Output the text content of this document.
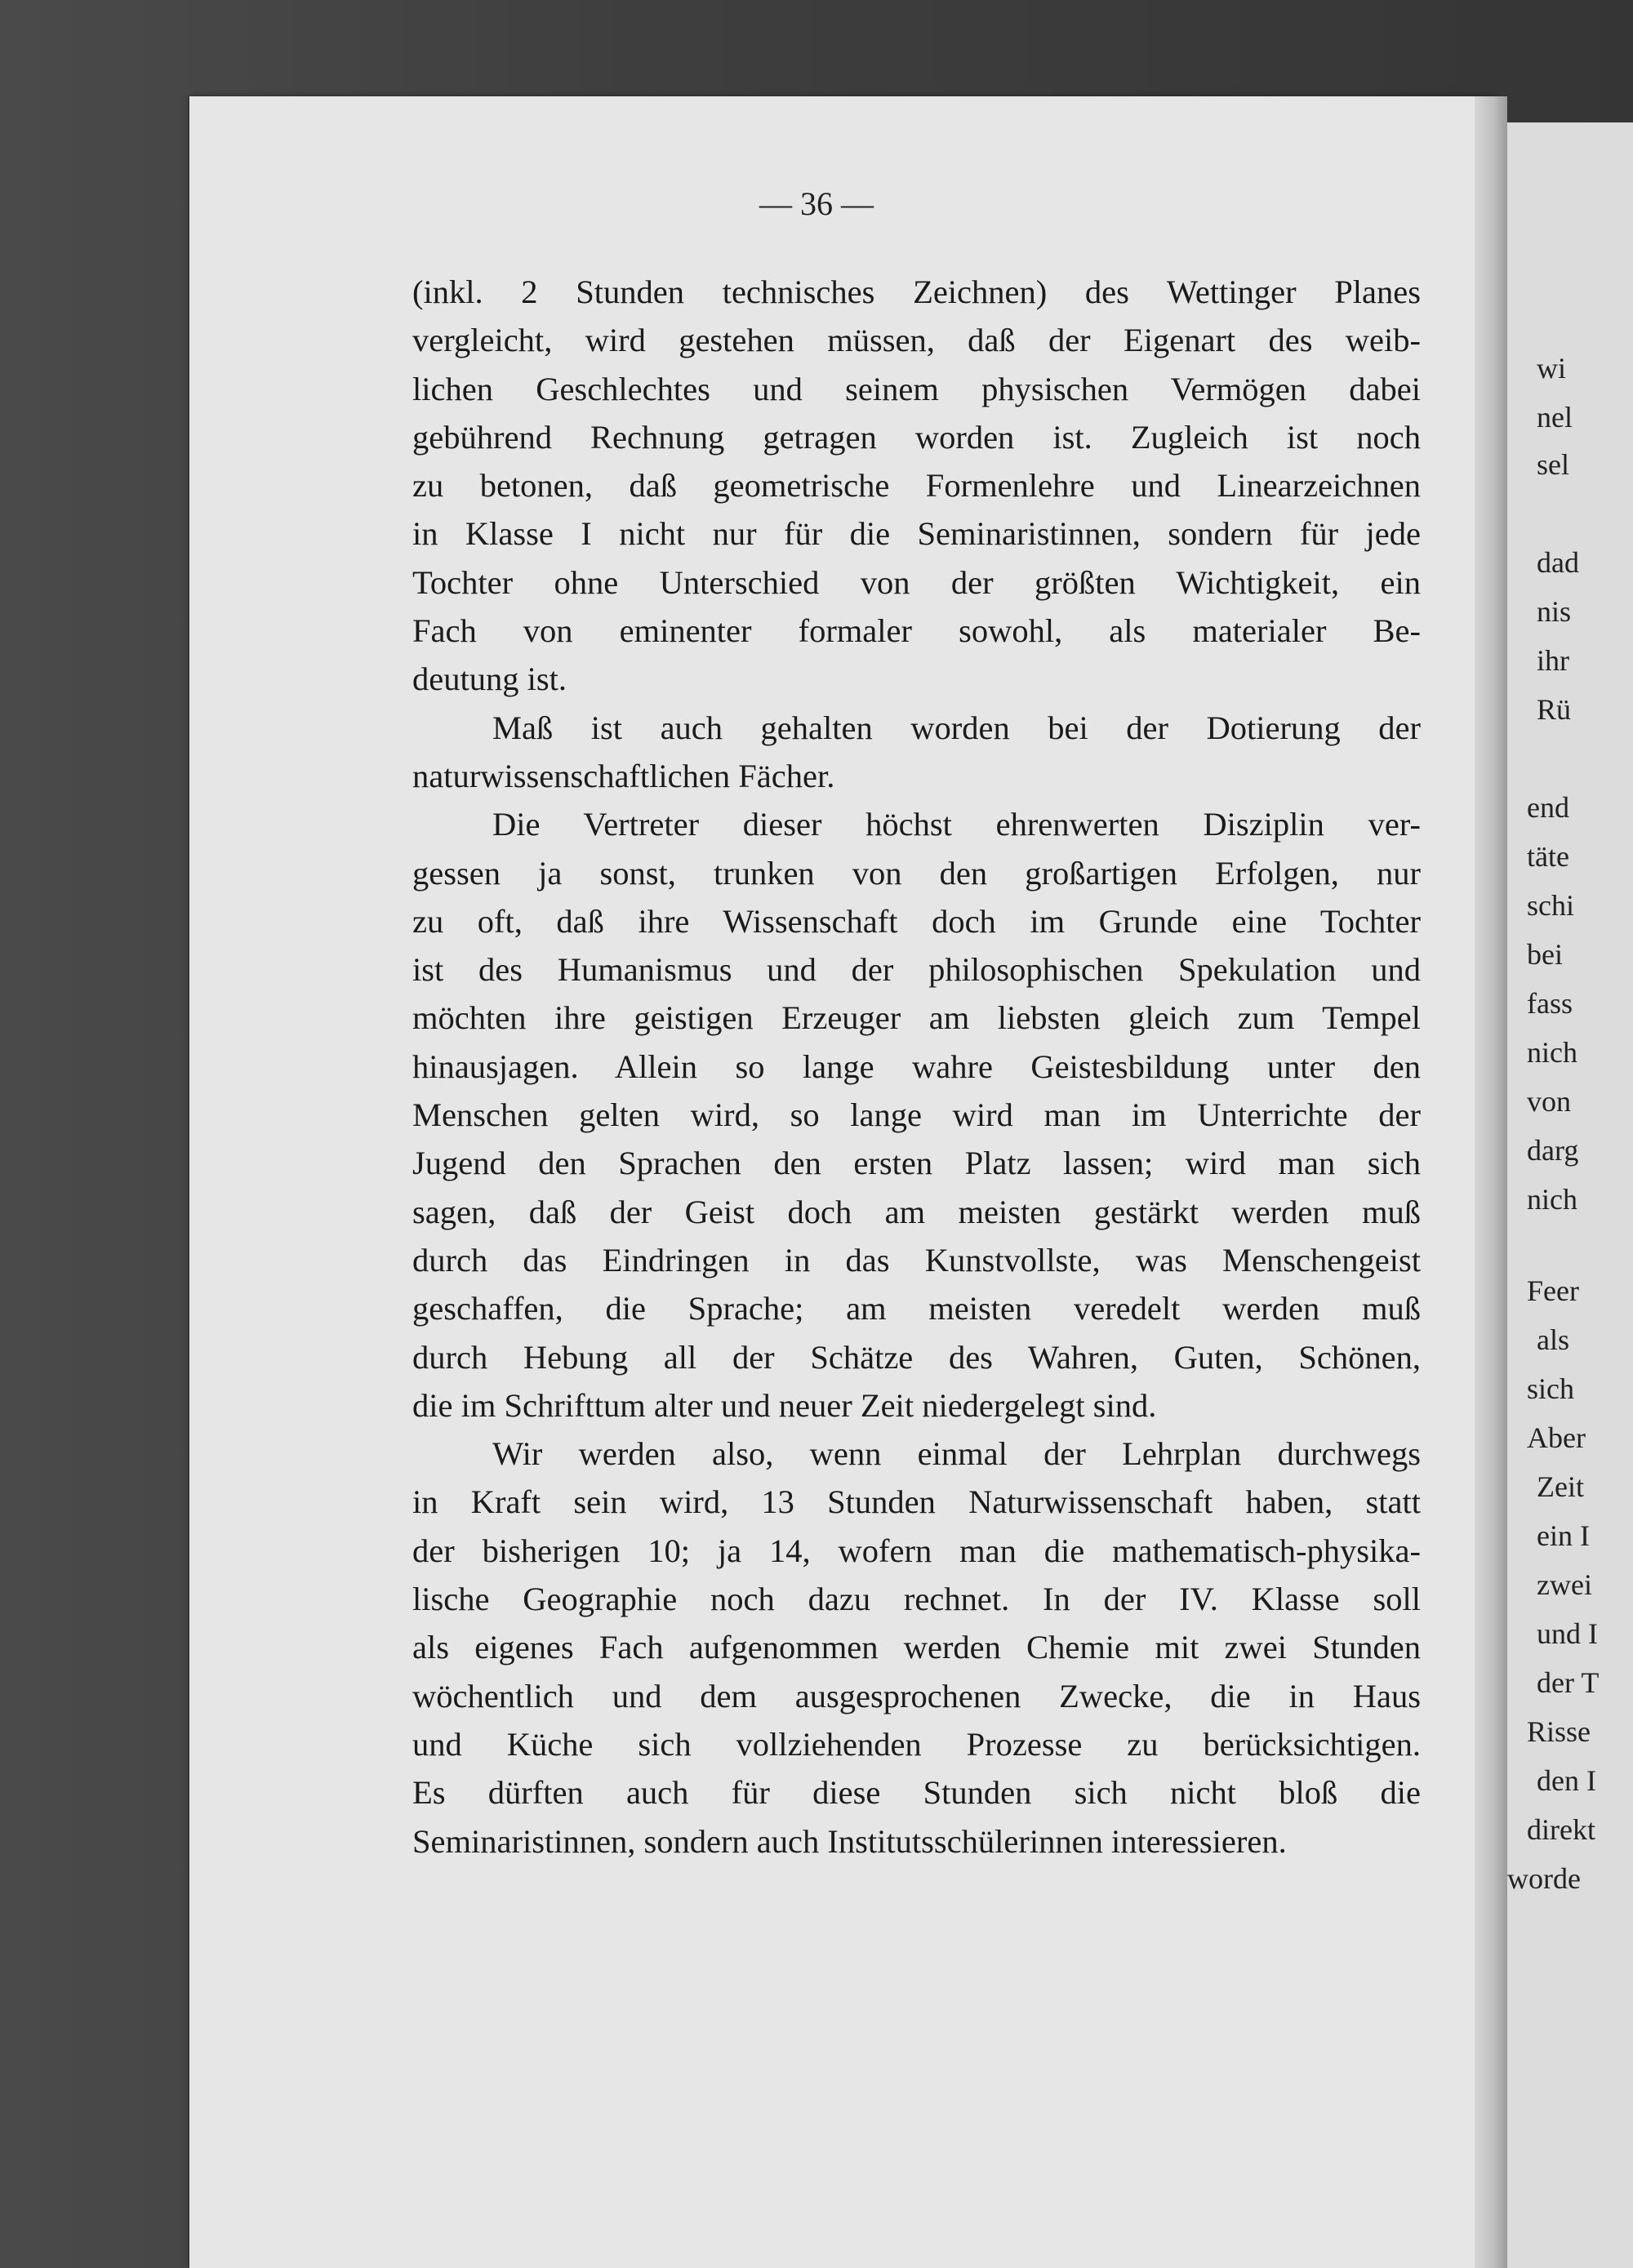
wi
nel
sel
dad
nis
ihr
Rü
end
täte
schi
bei
fass
nich
von
darg
nich
Feer
als
sich
Aber
Zeit
ein I
zwei
und I
der T
Risse
den I
direkt
worde
— 36 —
(inkl. 2 Stunden technisches Zeichnen) des Wettinger Planes
vergleicht, wird gestehen müssen, daß der Eigenart des weib-
lichen Geschlechtes und seinem physischen Vermögen dabei
gebührend Rechnung getragen worden ist. Zugleich ist noch
zu betonen, daß geometrische Formenlehre und Linearzeichnen
in Klasse I nicht nur für die Seminaristinnen, sondern für jede
Tochter ohne Unterschied von der größten Wichtigkeit, ein
Fach von eminenter formaler sowohl, als materialer Be-
deutung ist.
Maß ist auch gehalten worden bei der Dotierung der
naturwissenschaftlichen Fächer.
Die Vertreter dieser höchst ehrenwerten Disziplin ver-
gessen ja sonst, trunken von den großartigen Erfolgen, nur
zu oft, daß ihre Wissenschaft doch im Grunde eine Tochter
ist des Humanismus und der philosophischen Spekulation und
möchten ihre geistigen Erzeuger am liebsten gleich zum Tempel
hinausjagen. Allein so lange wahre Geistesbildung unter den
Menschen gelten wird, so lange wird man im Unterrichte der
Jugend den Sprachen den ersten Platz lassen; wird man sich
sagen, daß der Geist doch am meisten gestärkt werden muß
durch das Eindringen in das Kunstvollste, was Menschengeist
geschaffen, die Sprache; am meisten veredelt werden muß
durch Hebung all der Schätze des Wahren, Guten, Schönen,
die im Schrifttum alter und neuer Zeit niedergelegt sind.
Wir werden also, wenn einmal der Lehrplan durchwegs
in Kraft sein wird, 13 Stunden Naturwissenschaft haben, statt
der bisherigen 10; ja 14, wofern man die mathematisch-physika-
lische Geographie noch dazu rechnet. In der IV. Klasse soll
als eigenes Fach aufgenommen werden Chemie mit zwei Stunden
wöchentlich und dem ausgesprochenen Zwecke, die in Haus
und Küche sich vollziehenden Prozesse zu berücksichtigen.
Es dürften auch für diese Stunden sich nicht bloß die
Seminaristinnen, sondern auch Institutsschülerinnen interessieren.
